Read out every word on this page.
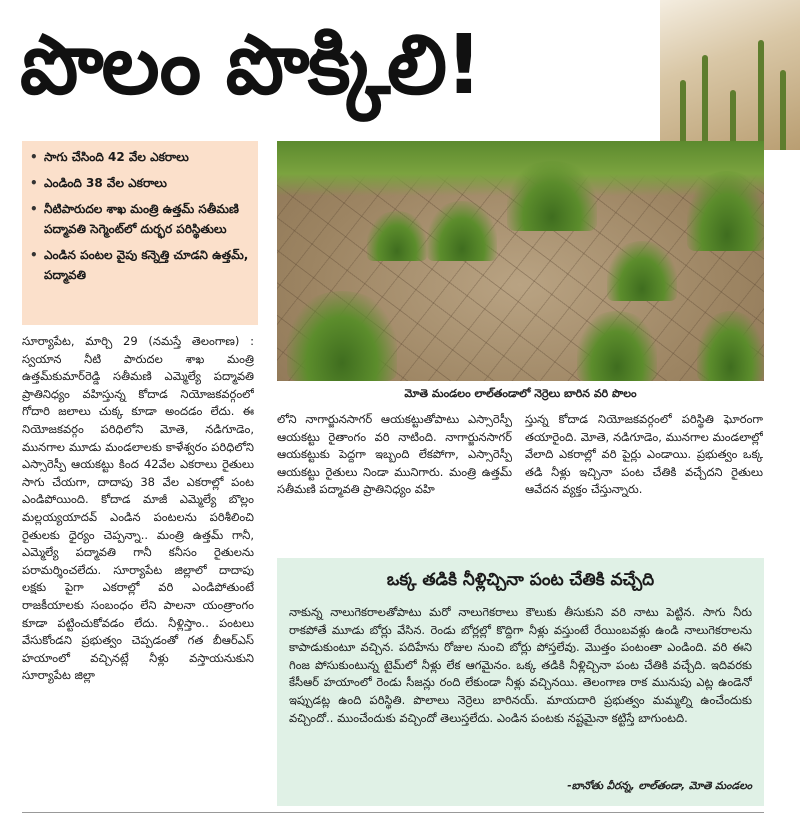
పొలం పొక్కిలి!
• సాగు చేసింది 42 వేల ఎకరాలు
• ఎండింది 38 వేల ఎకరాలు
• నీటిపారుదల శాఖ మంత్రి ఉత్తమ్ సతీమణి పద్మావతి సెగ్మెంట్‌లో దుర్భర పరిస్థితులు
• ఎండిన పంటల వైపు కన్నెత్తి చూడని ఉత్తమ్, పద్మావతి
మోతె మండలం లాల్‌తండాలో నెర్రెలు బారిన వరి పొలం
సూర్యాపేట, మార్చి 29 (నమస్తే తెలంగాణ) : స్వయాన నీటి పారుదల శాఖ మంత్రి ఉత్తమ్‌కుమార్‌రెడ్డి సతీమణి ఎమ్మెల్యే పద్మావతి ప్రాతినిధ్యం వహిస్తున్న కోదాడ నియోజకవర్గంలో గోదారి జలాలు చుక్క కూడా అందడం లేదు. ఈ నియోజకవర్గం పరిధిలోని మోతె, నడిగూడెం, మునగాల మూడు మండలాలకు కాళేశ్వరం పరిధిలోని ఎస్సారెస్పీ ఆయకట్టు కింద 42వేల ఎకరాలు రైతులు సాగు చేయగా, దాదాపు 38 వేల ఎకరాల్లో పంట ఎండిపోయింది. కోదాడ మాజీ ఎమ్మెల్యే బొల్లం మల్లయ్యయాదవ్ ఎండిన పంటలను పరిశీలించి రైతులకు ధైర్యం చెప్పన్నా.. మంత్రి ఉత్తమ్ గానీ, ఎమ్మెల్యే పద్మావతి గానీ కనీసం రైతులను పరామర్శించలేదు. సూర్యాపేట జిల్లాలో దాదాపు లక్షకు పైగా ఎకరాల్లో వరి ఎండిపోతుంటే రాజకీయాలకు సంబంధం లేని పాలనా యంత్రాంగం కూడా పట్టించుకోవడం లేదు. నీళ్లిస్తాం.. పంటలు వేసుకోండని ప్రభుత్వం చెప్పడంతో గత బీఆర్‌ఎస్ హయాంలో వచ్చినట్లే నీళ్లు వస్తాయనుకుని సూర్యాపేట జిల్లా
లోని నాగార్జునసాగర్ ఆయకట్టుతోపాటు ఎస్సారెస్పీ ఆయకట్టు రైతాంగం వరి నాటింది. నాగార్జునసాగర్ ఆయకట్టుకు పెద్దగా ఇబ్బంది లేకపోగా, ఎస్సారెస్పీ ఆయకట్టు రైతులు నిండా మునిగారు. మంత్రి ఉత్తమ్ సతీమణి పద్మావతి ప్రాతినిధ్యం వహి
స్తున్న కోదాడ నియోజకవర్గంలో పరిస్థితి ఘోరంగా తయారైంది. మోతె, నడిగూడెం, మునగాల మండలాల్లో వేలాది ఎకరాల్లో వరి పైర్లు ఎండాయి. ప్రభుత్వం ఒక్క తడి నీళ్లు ఇచ్చినా పంట చేతికి వచ్చేదని రైతులు ఆవేదన వ్యక్తం చేస్తున్నారు.
ఒక్క తడికి నీళ్లిచ్చినా పంట చేతికి వచ్చేది
నాకున్న నాలుగెకరాలతోపాటు మరో నాలుగెకరాలు కౌలుకు తీసుకుని వరి నాటు పెట్టిన. సాగు నీరు రాకపోతే మూడు బోర్లు వేసిన. రెండు బోర్లల్లో కొద్దిగా నీళ్లు వస్తుంటే రేయింబవళ్లు ఉండి నాలుగెకరాలను కాపాడుకుంటూ వచ్చిన. పదిహేను రోజుల నుంచి బోర్లు పోస్తలేవు. మొత్తం పంటంతా ఎండింది. వరి ఈని గింజ పోసుకుంటున్న టైమ్‌లో నీళ్లు లేక ఆగమైనం. ఒక్క తడికి నీళ్లిచ్చినా పంట చేతికి వచ్చేది. ఇదివరకు కేసీఆర్ హయాంలో రెండు సీజన్లు రంది లేకుండా నీళ్లు వచ్చినయి. తెలంగాణ రాక మునుపు ఎట్ల ఉండెనో ఇప్పుడట్ల ఉంది పరిస్థితి. పొలాలు నెర్రెలు బారినయ్. మాయదారి ప్రభుత్వం మమ్మల్ని ఉంచేందుకు వచ్చిందో.. ముంచేందుకు వచ్చిందో తెలుస్తలేదు. ఎండిన పంటకు నష్టమైనా కట్టిస్తే బాగుంటది.
-బానోతు వీరన్న, లాల్‌తండా, మోతె మండలం
